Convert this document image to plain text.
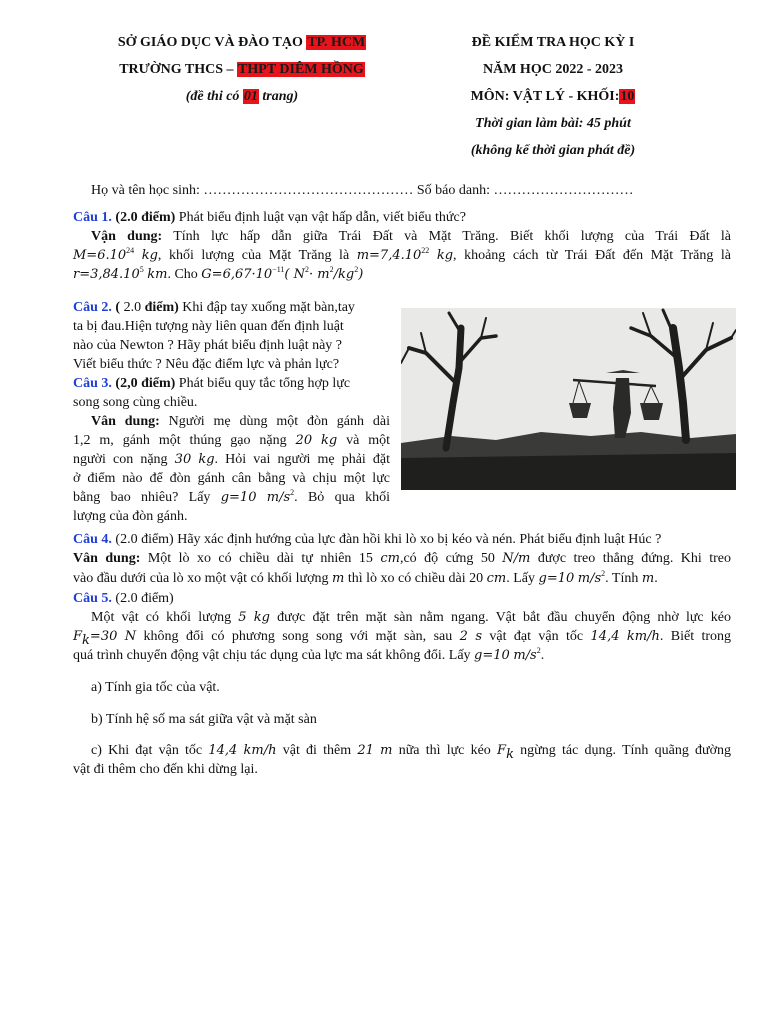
SỞ GIÁO DỤC VÀ ĐÀO TẠO TP. HCM
TRƯỜNG THCS – THPT DIÊM HỒNG
(đề thi có 01 trang)
ĐỀ KIỂM TRA HỌC KỲ I
NĂM HỌC 2022 - 2023
MÔN: VẬT LÝ - KHỐI:10
Thời gian làm bài: 45 phút
(không kể thời gian phát đề)
Họ và tên học sinh: ……………………………………… Số báo danh: …………………………
Câu 1. (2.0 điểm) Phát biểu định luật vạn vật hấp dẫn, viết biểu thức?
Vận dung: Tính lực hấp dẫn giữa Trái Đất và Mặt Trăng. Biết khối lượng của Trái Đất là
$M=6.10^{24}$ kg, khối lượng của Mặt Trăng là $m=7,4.10^{22}$ kg, khoảng cách từ Trái Đất đến Mặt Trăng là
$r=3,84.10^5$ km. Cho $G=6,67\cdot 10^{-11}$( $N^2\cdot m^2/kg^2$)
Câu 2. ( 2.0 điểm) Khi đập tay xuống mặt bàn,tay
ta bị đau.Hiện tượng này liên quan đến định luật
nào của Newton ? Hãy phát biểu định luật này ?
Viết biểu thức ? Nêu đặc điểm lực và phản lực?
Câu 3. (2,0 điểm) Phát biểu quy tắc tổng hợp lực
song song cùng chiều.
Vân dung: Người mẹ dùng một đòn gánh dài
1,2 m, gánh một thúng gạo nặng 20 kg và một
người con nặng 30 kg. Hỏi vai người mẹ phải đặt
ở điểm nào để đòn gánh cân bằng và chịu một lực
bằng bao nhiêu? Lấy g=10 $m/s^2$. Bỏ qua khối
lượng của đòn gánh.
Câu 4. (2.0 điểm) Hãy xác định hướng của lực đàn hồi khi lò xo bị kéo và nén. Phát biểu định luật Húc ?
Vân dung: Một lò xo có chiều dài tự nhiên 15 cm,có độ cứng 50 N/m được treo thẳng đứng. Khi treo
vào đầu dưới của lò xo một vật có khối lượng m thì lò xo có chiều dài 20 cm. Lấy g=10 $m/s^2$. Tính m.
Câu 5. (2.0 điểm)
Một vật có khối lượng 5 kg được đặt trên mặt sàn nằm ngang. Vật bắt đầu chuyển động nhờ lực kéo
$F_k=30$ N không đổi có phương song song với mặt sàn, sau 2 s vật đạt vận tốc 14,4 km/h. Biết trong
quá trình chuyển động vật chịu tác dụng của lực ma sát không đổi. Lấy g=10 $m/s^2$.
a) Tính gia tốc của vật.
b) Tính hệ số ma sát giữa vật và mặt sàn
c) Khi đạt vận tốc 14,4 km/h vật đi thêm 21 m nữa thì lực kéo $F_k$ ngừng tác dụng. Tính quãng đường
vật đi thêm cho đến khi dừng lại.
